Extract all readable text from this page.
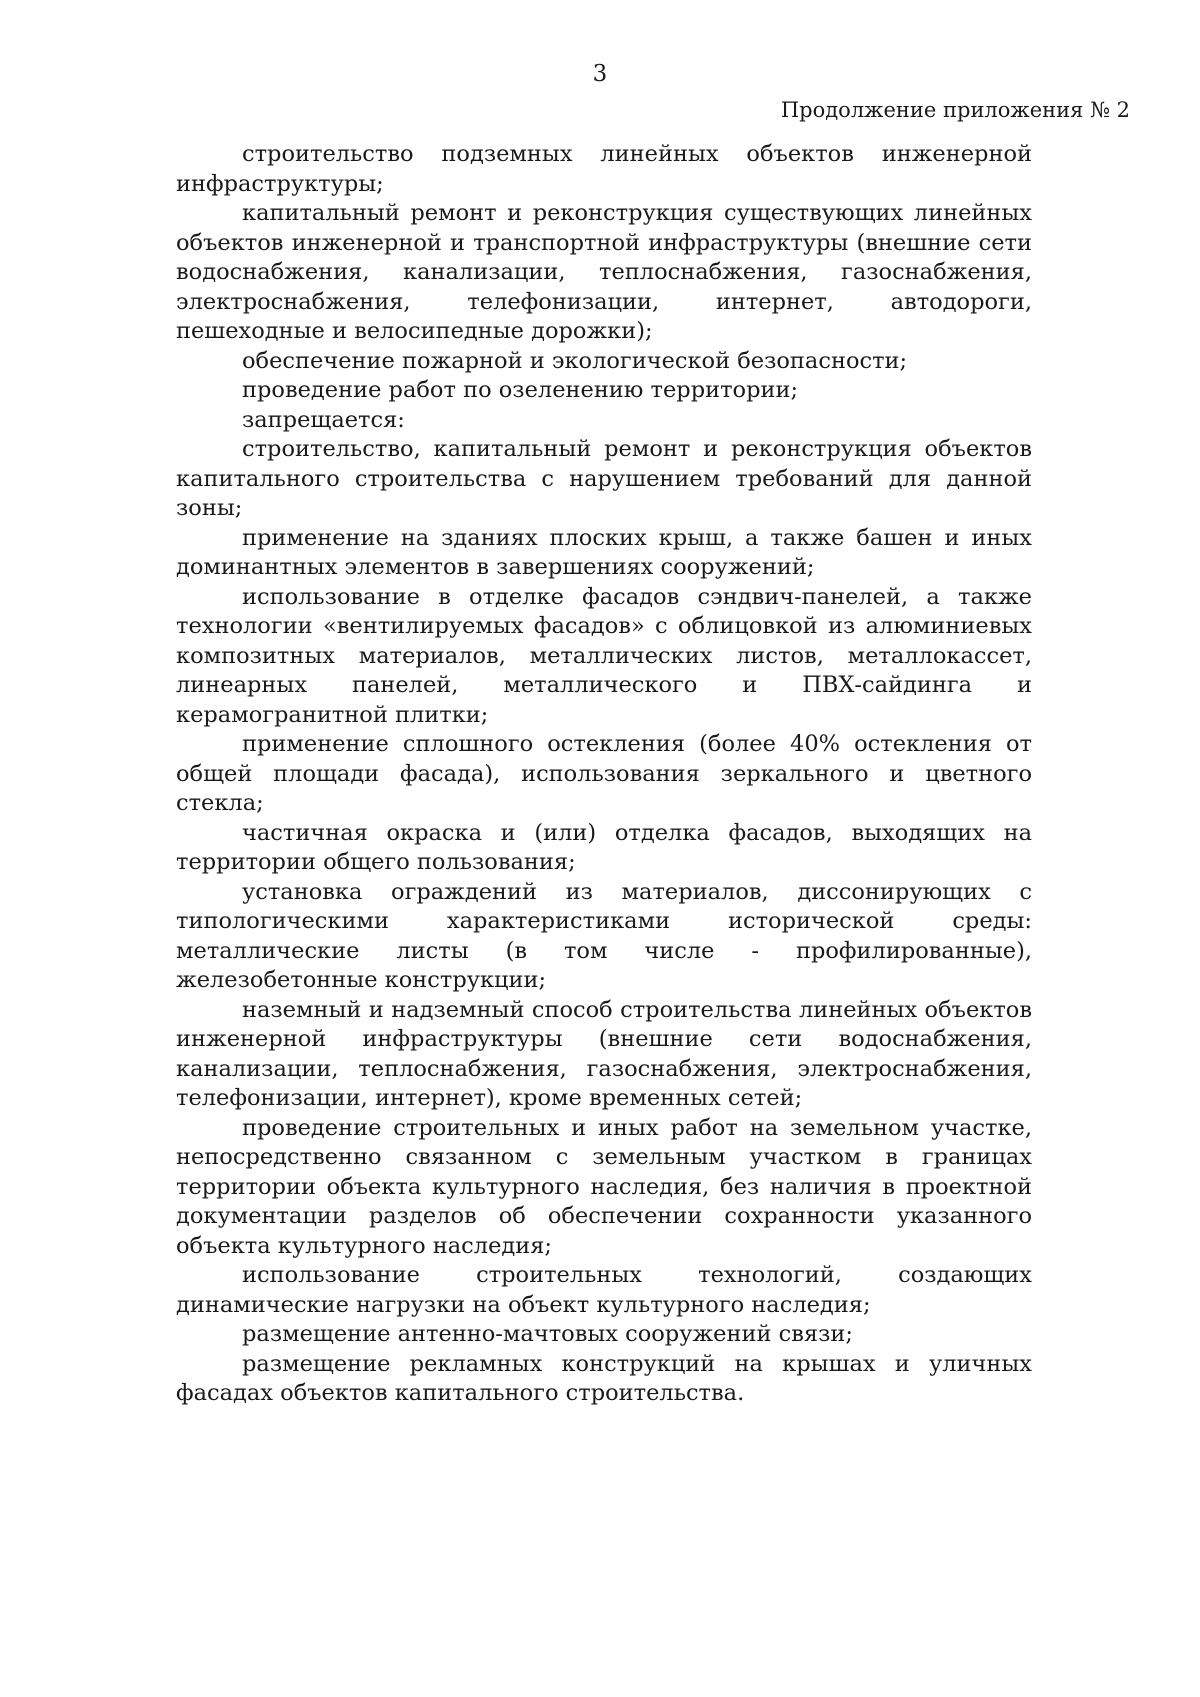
3
Продолжение приложения № 2

строительство подземных линейных объектов инженерной инфраструктуры;

капитальный ремонт и реконструкция существующих линейных объектов инженерной и транспортной инфраструктуры (внешние сети водоснабжения, канализации, теплоснабжения, газоснабжения, электроснабжения, телефонизации, интернет, автодороги, пешеходные и велосипедные дорожки);

обеспечение пожарной и экологической безопасности;

проведение работ по озеленению территории;

запрещается:

строительство, капитальный ремонт и реконструкция объектов капитального строительства с нарушением требований для данной зоны;

применение на зданиях плоских крыш, а также башен и иных доминантных элементов в завершениях сооружений;

использование в отделке фасадов сэндвич-панелей, а также технологии «вентилируемых фасадов» с облицовкой из алюминиевых композитных материалов, металлических листов, металлокассет, линеарных панелей, металлического и ПВХ-сайдинга и керамогранитной плитки;

применение сплошного остекления (более 40% остекления от общей площади фасада), использования зеркального и цветного стекла;

частичная окраска и (или) отделка фасадов, выходящих на территории общего пользования;

установка ограждений из материалов, диссонирующих с типологическими характеристиками исторической среды: металлические листы (в том числе - профилированные), железобетонные конструкции;

наземный и надземный способ строительства линейных объектов инженерной инфраструктуры (внешние сети водоснабжения, канализации, теплоснабжения, газоснабжения, электроснабжения, телефонизации, интернет), кроме временных сетей;

проведение строительных и иных работ на земельном участке, непосредственно связанном с земельным участком в границах территории объекта культурного наследия, без наличия в проектной документации разделов об обеспечении сохранности указанного объекта культурного наследия;

использование строительных технологий, создающих динамические нагрузки на объект культурного наследия;

размещение антенно-мачтовых сооружений связи;

размещение рекламных конструкций на крышах и уличных фасадах объектов капитального строительства.
